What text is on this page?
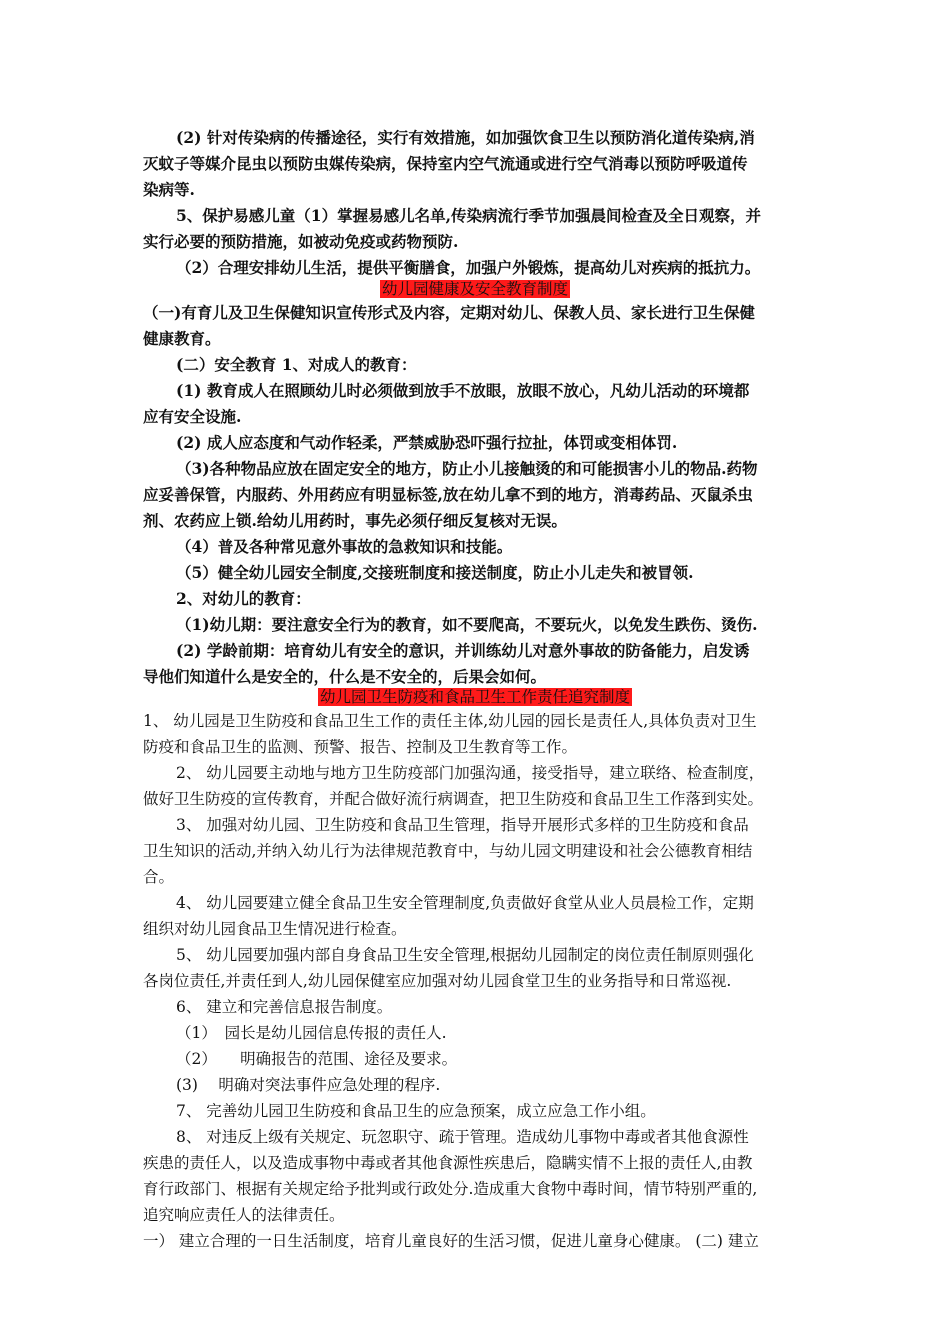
(2) 针对传染病的传播途径，实行有效措施，如加强饮食卫生以预防消化道传染病,消
灭蚊子等媒介昆虫以预防虫媒传染病，保持室内空气流通或进行空气消毒以预防呼吸道传
染病等.
5、保护易感儿童（1）掌握易感儿名单,传染病流行季节加强晨间检查及全日观察，并
实行必要的预防措施，如被动免疫或药物预防.
（2）合理安排幼儿生活，提供平衡膳食，加强户外锻炼，提高幼儿对疾病的抵抗力。
幼儿园健康及安全教育制度
（一)有育儿及卫生保健知识宣传形式及内容，定期对幼儿、保教人员、家长进行卫生保健
健康教育。
(二）安全教育 1、对成人的教育：
(1) 教育成人在照顾幼儿时必须做到放手不放眼，放眼不放心，凡幼儿活动的环境都
应有安全设施.
(2) 成人应态度和气动作轻柔，严禁威胁恐吓强行拉扯，体罚或变相体罚.
（3)各种物品应放在固定安全的地方，防止小儿接触烫的和可能损害小儿的物品.药物
应妥善保管，内服药、外用药应有明显标签,放在幼儿拿不到的地方，消毒药品、灭鼠杀虫
剂、农药应上锁.给幼儿用药时，事先必须仔细反复核对无误。
（4）普及各种常见意外事故的急救知识和技能。
（5）健全幼儿园安全制度,交接班制度和接送制度，防止小儿走失和被冒领.
2、对幼儿的教育：
（1)幼儿期：要注意安全行为的教育，如不要爬高，不要玩火，以免发生跌伤、烫伤.
(2) 学龄前期：培育幼儿有安全的意识，并训练幼儿对意外事故的防备能力，启发诱
导他们知道什么是安全的，什么是不安全的，后果会如何。
幼儿园卫生防疫和食品卫生工作责任追究制度
1、 幼儿园是卫生防疫和食品卫生工作的责任主体,幼儿园的园长是责任人,具体负责对卫生
防疫和食品卫生的监测、预警、报告、控制及卫生教育等工作。
2、 幼儿园要主动地与地方卫生防疫部门加强沟通，接受指导，建立联络、检查制度，
做好卫生防疫的宣传教育，并配合做好流行病调查，把卫生防疫和食品卫生工作落到实处。
3、 加强对幼儿园、卫生防疫和食品卫生管理，指导开展形式多样的卫生防疫和食品
卫生知识的活动,并纳入幼儿行为法律规范教育中，与幼儿园文明建设和社会公德教育相结
合。
4、 幼儿园要建立健全食品卫生安全管理制度,负责做好食堂从业人员晨检工作，定期
组织对幼儿园食品卫生情况进行检查。
5、 幼儿园要加强内部自身食品卫生安全管理,根据幼儿园制定的岗位责任制原则强化
各岗位责任,并责任到人,幼儿园保健室应加强对幼儿园食堂卫生的业务指导和日常巡视.
6、 建立和完善信息报告制度。
（1）　园长是幼儿园信息传报的责任人.
（2）　　明确报告的范围、途径及要求。
(3)　 明确对突法事件应急处理的程序.
7、 完善幼儿园卫生防疫和食品卫生的应急预案，成立应急工作小组。
8、 对违反上级有关规定、玩忽职守、疏于管理。造成幼儿事物中毒或者其他食源性
疾患的责任人，以及造成事物中毒或者其他食源性疾患后，隐瞒实情不上报的责任人,由教
育行政部门、根据有关规定给予批判或行政处分.造成重大食物中毒时间，情节特别严重的,
追究响应责任人的法律责任。
一） 建立合理的一日生活制度，培育儿童良好的生活习惯，促进儿童身心健康。 (二) 建立
